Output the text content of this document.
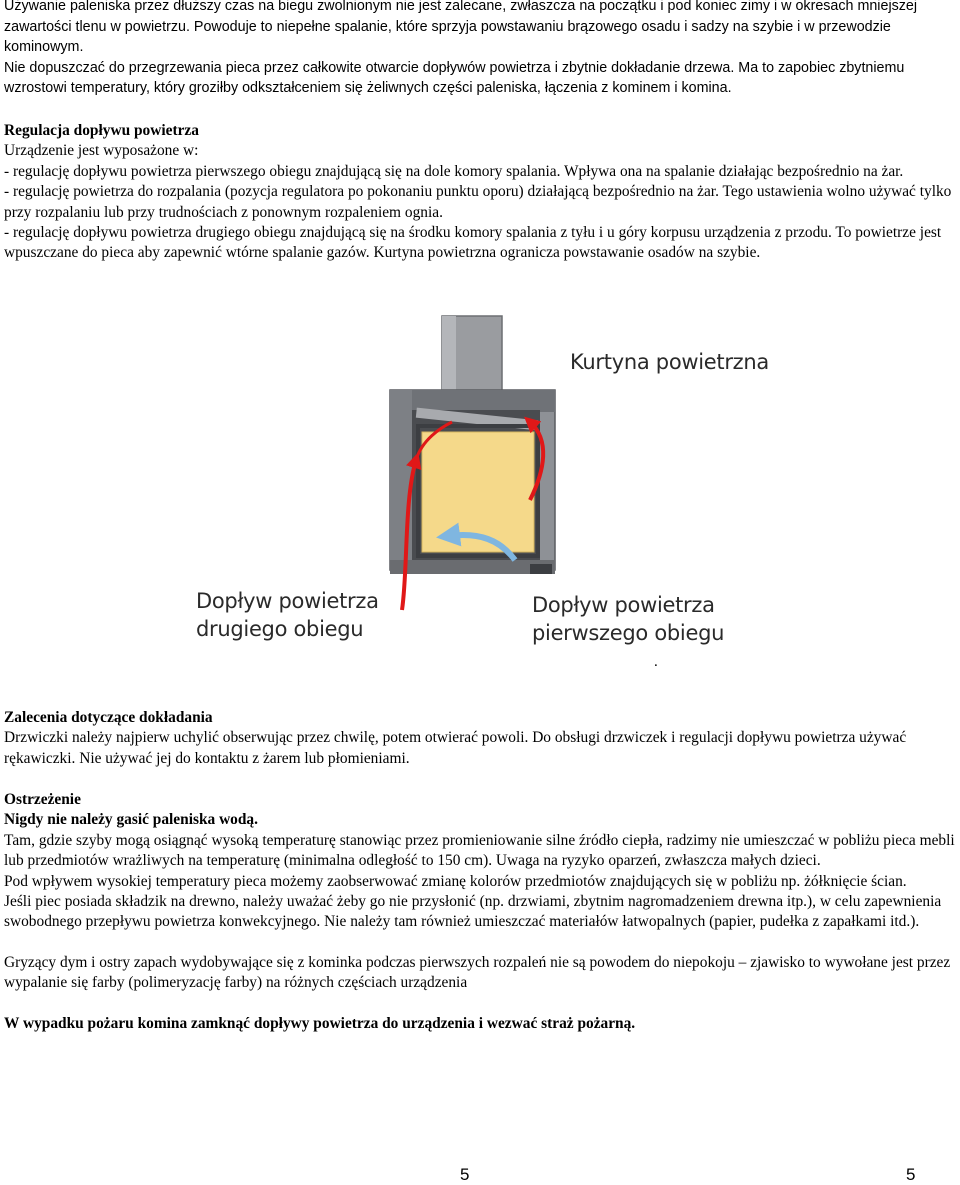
Używanie paleniska przez dłuższy czas na biegu zwolnionym nie jest zalecane, zwłaszcza na początku i pod koniec zimy i w okresach mniejszej zawartości tlenu w powietrzu. Powoduje to niepełne spalanie, które sprzyja powstawaniu brązowego osadu i sadzy na szybie i w przewodzie kominowym.

Nie dopuszczać do przegrzewania pieca przez całkowite otwarcie dopływów powietrza i zbytnie dokładanie drzewa. Ma to zapobiec zbytniemu wzrostowi temperatury, który groziłby odkształceniem się żeliwnych części paleniska, łączenia z kominem i komina.

Regulacja dopływu powietrza

Urządzenie jest wyposażone w:

- regulację dopływu powietrza pierwszego obiegu znajdującą się na dole komory spalania. Wpływa ona na spalanie działając bezpośrednio na żar.

- regulację powietrza do rozpalania (pozycja regulatora po pokonaniu punktu oporu) działającą bezpośrednio na żar. Tego ustawienia wolno używać tylko przy rozpalaniu lub przy trudnościach z ponownym rozpaleniem ognia.

- regulację dopływu powietrza drugiego obiegu znajdującą się na środku komory spalania z tyłu i u góry korpusu urządzenia z przodu. To powietrze jest wpuszczane do pieca aby zapewnić wtórne spalanie gazów. Kurtyna powietrzna ogranicza powstawanie osadów na szybie.

.
Kurtyna powietrzna
Dopływ powietrza
drugiego obiegu
Dopływ powietrza
pierwszego obiegu

Zalecenia dotyczące dokładania

Drzwiczki należy najpierw uchylić obserwując przez chwilę, potem otwierać powoli. Do obsługi drzwiczek i regulacji dopływu powietrza używać rękawiczki. Nie używać jej do kontaktu z żarem lub płomieniami.

Ostrzeżenie

Nigdy nie należy gasić paleniska wodą.

Tam, gdzie szyby mogą osiągnąć wysoką temperaturę stanowiąc przez promieniowanie silne źródło ciepła, radzimy nie umieszczać w pobliżu pieca mebli lub przedmiotów wrażliwych na temperaturę (minimalna odległość to 150 cm). Uwaga na ryzyko oparzeń, zwłaszcza małych dzieci.

Pod wpływem wysokiej temperatury pieca możemy zaobserwować zmianę kolorów przedmiotów znajdujących się w pobliżu np. żółknięcie ścian.

Jeśli piec posiada składzik na drewno, należy uważać żeby go nie przysłonić (np. drzwiami, zbytnim nagromadzeniem drewna itp.), w celu zapewnienia swobodnego przepływu powietrza konwekcyjnego. Nie należy tam również umieszczać materiałów łatwopalnych (papier, pudełka z zapałkami itd.).

Gryzący dym i ostry zapach wydobywające się z kominka podczas pierwszych rozpaleń nie są powodem do niepokoju – zjawisko to wywołane jest przez wypalanie się farby (polimeryzację farby) na różnych częściach urządzenia

W wypadku pożaru komina zamknąć dopływy powietrza do urządzenia i wezwać straż pożarną.

5	5
